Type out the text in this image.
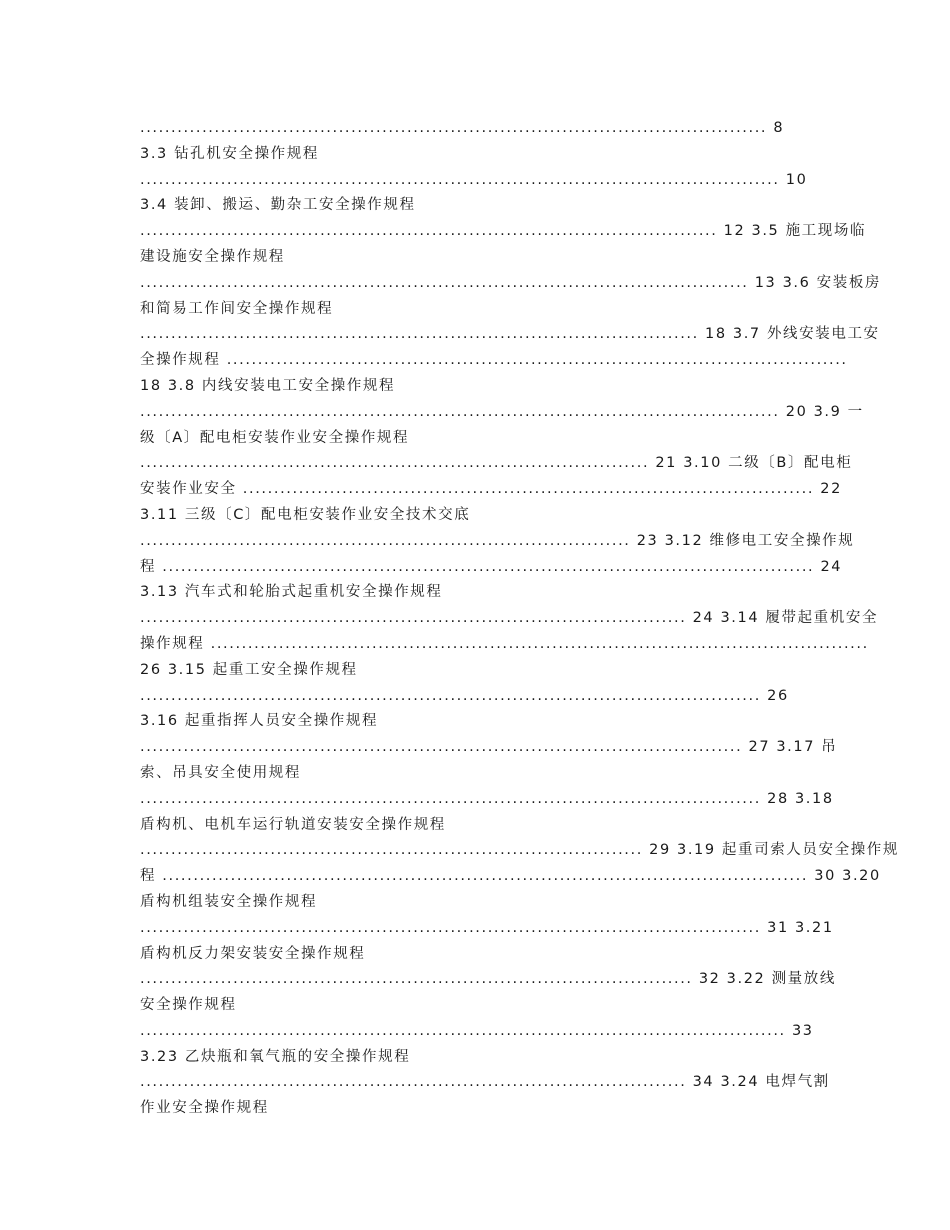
..................................................................................................... 8
3.3 钻孔机安全操作规程
....................................................................................................... 10
3.4 装卸、搬运、勤杂工安全操作规程
............................................................................................. 12 3.5 施工现场临
建设施安全操作规程
.................................................................................................. 13 3.6 安装板房
和简易工作间安全操作规程
.......................................................................................... 18 3.7 外线安装电工安
全操作规程 ....................................................................................................
18 3.8 内线安装电工安全操作规程
....................................................................................................... 20 3.9 一
级〔A〕配电柜安装作业安全操作规程
.................................................................................. 21 3.10 二级〔B〕配电柜
安装作业安全 ............................................................................................ 22
3.11 三级〔C〕配电柜安装作业安全技术交底
............................................................................... 23 3.12 维修电工安全操作规
程 ......................................................................................................... 24
3.13 汽车式和轮胎式起重机安全操作规程
........................................................................................ 24 3.14 履带起重机安全
操作规程 ..........................................................................................................
26 3.15 起重工安全操作规程
.................................................................................................... 26
3.16 起重指挥人员安全操作规程
................................................................................................. 27 3.17 吊
索、吊具安全使用规程
.................................................................................................... 28 3.18
盾构机、电机车运行轨道安装安全操作规程
................................................................................. 29 3.19 起重司索人员安全操作规
程 ........................................................................................................ 30 3.20
盾构机组装安全操作规程
.................................................................................................... 31 3.21
盾构机反力架安装安全操作规程
......................................................................................... 32 3.22 测量放线
安全操作规程
........................................................................................................ 33
3.23 乙炔瓶和氧气瓶的安全操作规程
........................................................................................ 34 3.24 电焊气割
作业安全操作规程
